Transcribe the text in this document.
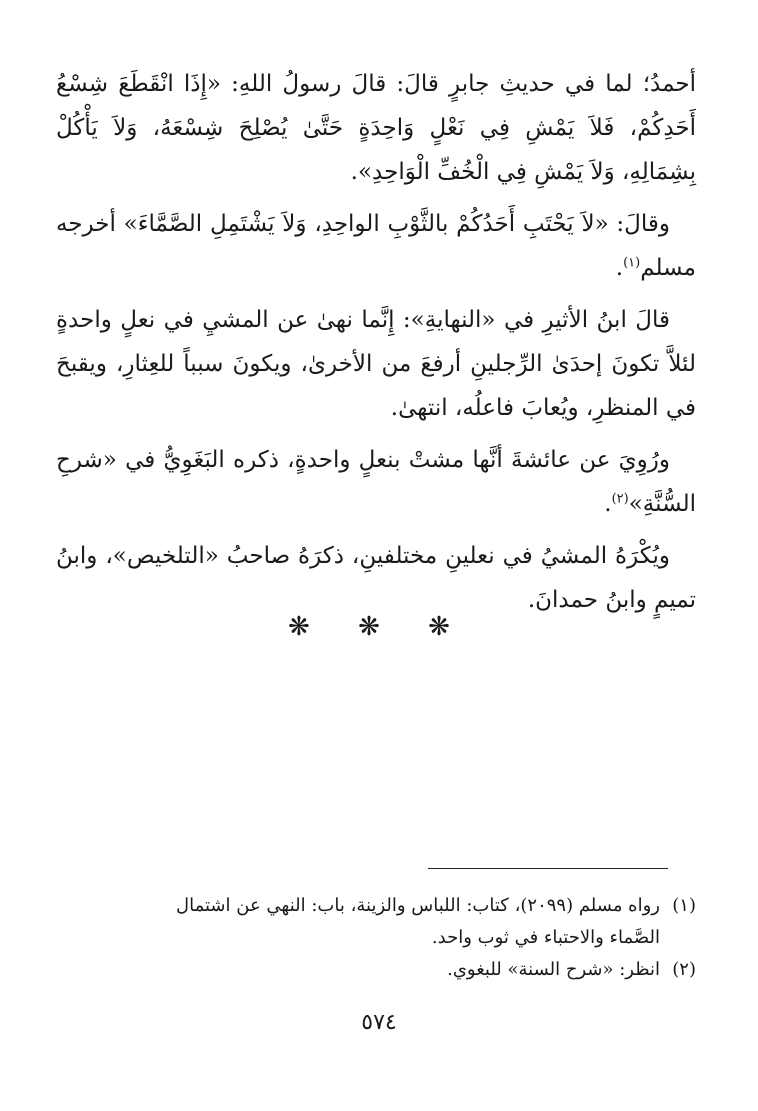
أحمدُ؛ لما في حديثِ جابرٍ قالَ: قالَ رسولُ اللهِ: «إِذَا انْقَطَعَ شِسْعُ أَحَدِكُمْ، فَلاَ يَمْشِ فِي نَعْلٍ وَاحِدَةٍ حَتَّىٰ يُصْلِحَ شِسْعَهُ، وَلاَ يَأْكُلْ بِشِمَالِهِ، وَلاَ يَمْشِ فِي الْخُفِّ الْوَاحِدِ».

وقالَ: «لاَ يَحْتَبِ أَحَدُكُمْ بالثَّوْبِ الواحِدِ، وَلاَ يَشْتَمِلِ الصَّمَّاءَ» أخرجه مسلم$^{(١)}$.

قالَ ابنُ الأثيرِ في «النهايةِ»: إِنَّما نهىٰ عن المشيِ في نعلٍ واحدةٍ لئلاَّ تكونَ إحدَىٰ الرِّجلينِ أرفعَ من الأخرىٰ، ويكونَ سبباً للعِثارِ، ويقبحَ في المنظرِ، ويُعابَ فاعلُه، انتهىٰ.

ورُوِيَ عن عائشةَ أنَّها مشتْ بنعلٍ واحدةٍ، ذكره البَغَوِيُّ في «شرحِ السُّنَّةِ»$^{(٢)}$.

ويُكْرَهُ المشيُ في نعلينِ مختلفينِ، ذكرَهُ صاحبُ «التلخيص»، وابنُ تميمٍ وابنُ حمدانَ.

❋ ❋ ❋

(١)رواه مسلم (٢٠٩٩)، كتاب: اللباس والزينة، باب: النهي عن اشتمال

الصَّماء والاحتباء في ثوب واحد.

(٢)انظر: «شرح السنة» للبغوي.

٥٧٤
